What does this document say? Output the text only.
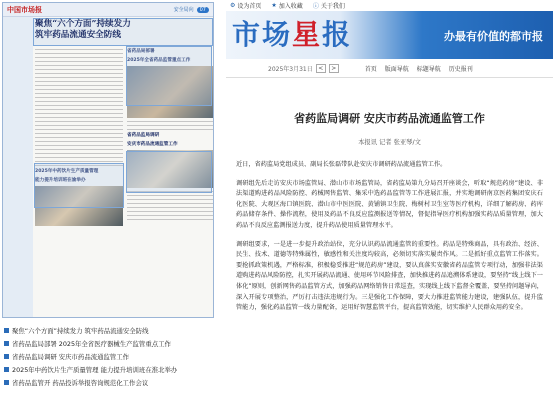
中国市场报	安全局向	07
聚焦“六个方面”持续发力
筑牢药品流通安全防线
2025年中药饮片生产质量管理
能力提升培训班在渝举办
省药品局部署
2025年全省药品监管重点工作
省药品监局调研
安庆市药品流通监管工作
聚焦“六个方面”持续发力 筑牢药品流通安全防线
省药品监局部署 2025年全省医疗器械生产监管重点工作
省药品监局调研 安庆市药品流通监管工作
2025年中药饮片生产质量管理 能力提升培训班在淮北举办
省药品监管开 药品投诉举报咨询规范化工作会议
⚙ 设为首页 ★ 加入收藏 ⓘ 关于我们
市场星报	办最有价值的都市报
2025年3月31日 <	>	首页 版面导航 标题导航 历史报刊
省药监局调研 安庆市药品流通监管工作
本报讯 记者 张亚琴/文

近日，省药监局党组成员、副局长张磊带队赴安庆市调研药品流通监管工作。

调研组先后走访安庆市场监管局、潜山市市场监管局，省药监局第九分局召开座谈会，听取“规范药房”建设、非法渠道购进药品风险防控、药械网售监管、集采中选药品监管等工作进展汇报，并实地调研南京医药集团安庆石化医院、大观区海口镇医院、潜山市中医医院、黄铺镇卫生院、梅树村卫生室等医疗机构，详细了解药房、药库药品储存条件、操作流程，使用及药品不良反应监测报送等情况，督促指导医疗机构加强实药品质量管理，加大药品不良反应监测报送力度，提升药品使用质量管理水平。

调研组要求，一是进一步提升政治站位，充分认识药品流通监管的重要性。药品是特殊商品，具有政治、经济、民生、技术、道德等特殊属性，敏感性和关注度均较高，必须切实落实履责作风。二是抓好重点监管工作落实。要抢抓政策机遇，严格标准，积极稳妥推进“规范药房”建设，要认真落实安徽省药品监管专项行动，加强非法渠道购进药品风险防控，扎实开展药品流通、使用环节风险排查，加快推进药品追溯体系建设，要坚持“线上线下一体化”原则，创新网售药品监管方式，加强药品网络销售日常巡查，实现线上线下监督全覆盖，要坚持问题导向，深入开展专项整治，严厉打击违法违规行为。三是强化工作保障，要大力推进监管能力建设，建强队伍，提升监管能力，强化药品监管一线力量配备，运用好智慧监管平台，提高监管效能，切实维护人民群众用药安全。
